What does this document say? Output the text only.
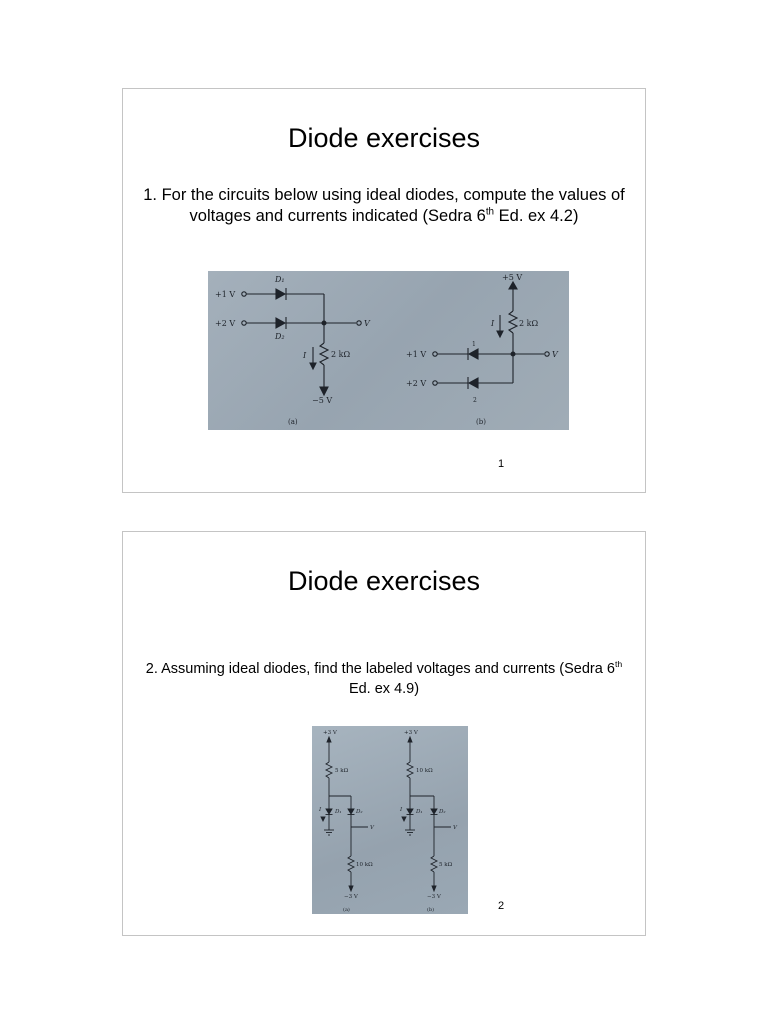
Diode exercises
1. For the circuits below using ideal diodes, compute the values of voltages and currents indicated (Sedra 6th Ed. ex 4.2)
D₁
+1 V
+2 V
D₂
V
I	2 kΩ
−5 V
(a)
+5 V
I	2 kΩ
+1 V
+2 V
V
1
2
(b)
1
Diode exercises
2. Assuming ideal diodes, find the labeled voltages and currents (Sedra 6th Ed. ex 4.9)
+3 V
5 kΩ
I	D₁	D₂
V
10 kΩ
−3 V
(a)
+3 V
10 kΩ
I	D₁	D₂
V
5 kΩ
−3 V
(b)	2
